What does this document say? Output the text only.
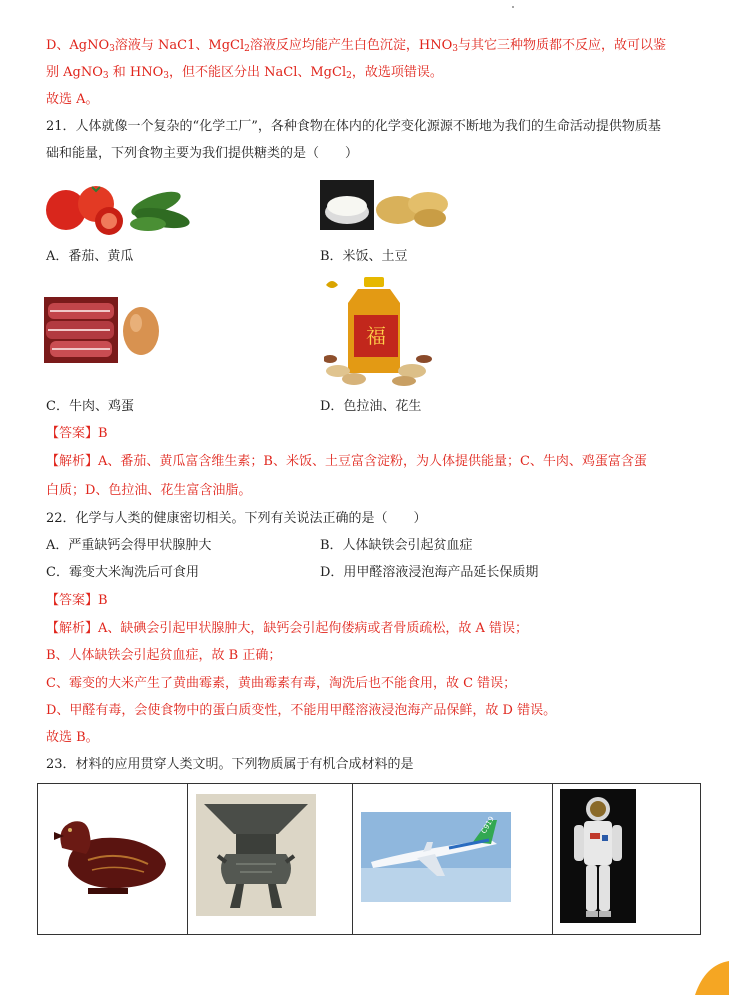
D、AgNO$_3$溶液与 NaC1、MgCl$_2$溶液反应均能产生白色沉淀，$HNO_3$与其它三种物质都不反应，故可以鉴
别 AgNO$_3$ 和 $HNO_3$，但不能区分出 NaCl、MgCl$_2$，故选项错误。
故选 A。
21．人体就像一个复杂的“化学工厂”，各种食物在体内的化学变化源源不断地为我们的生命活动提供物质基
础和能量，下列食物主要为我们提供糖类的是（　　）
A．番茄、黄瓜	B．米饭、土豆
福
C．牛肉、鸡蛋	D．色拉油、花生
【答案】B
【解析】A、番茄、黄瓜富含维生素；B、米饭、土豆富含淀粉，为人体提供能量；C、牛肉、鸡蛋富含蛋
白质；D、色拉油、花生富含油脂。
22．化学与人类的健康密切相关。下列有关说法正确的是（　　）
A．严重缺钙会得甲状腺肿大	B．人体缺铁会引起贫血症
C．霉变大米淘洗后可食用	D．用甲醛溶液浸泡海产品延长保质期
【答案】B
【解析】A、缺碘会引起甲状腺肿大，缺钙会引起佝偻病或者骨质疏松，故 A 错误；
B、人体缺铁会引起贫血症，故 B 正确；
C、霉变的大米产生了黄曲霉素，黄曲霉素有毒，淘洗后也不能食用，故 C 错误；
D、甲醛有毒，会使食物中的蛋白质变性，不能用甲醛溶液浸泡海产品保鲜，故 D 错误。
故选 B。
23．材料的应用贯穿人类文明。下列物质属于有机合成材料的是
C919
